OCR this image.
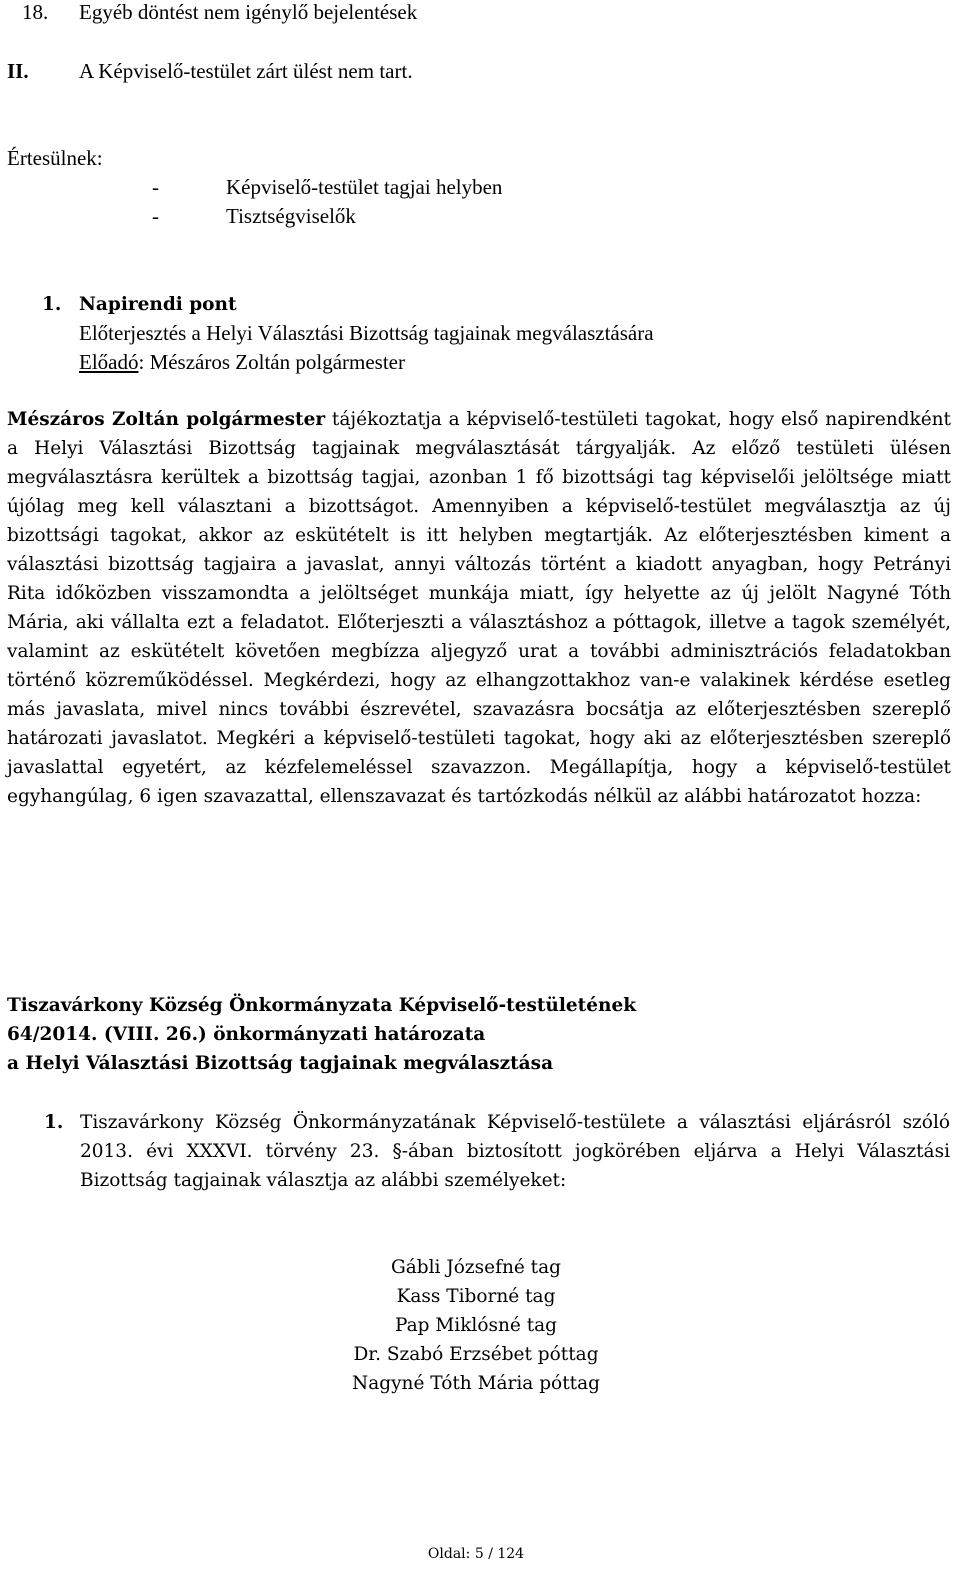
18. Egyéb döntést nem igénylő bejelentések
II. A Képviselő-testület zárt ülést nem tart.
Értesülnek:
-	Képviselő-testület tagjai helyben
-	Tisztségviselők
1. Napirendi pont
Előterjesztés a Helyi Választási Bizottság tagjainak megválasztására
Előadó: Mészáros Zoltán polgármester

Mészáros Zoltán polgármester tájékoztatja a képviselő-testületi tagokat, hogy első napirendként a Helyi Választási Bizottság tagjainak megválasztását tárgyalják. Az előző testületi ülésen megválasztásra kerültek a bizottság tagjai, azonban 1 fő bizottsági tag képviselői jelöltsége miatt újólag meg kell választani a bizottságot. Amennyiben a képviselő-testület megválasztja az új bizottsági tagokat, akkor az eskütételt is itt helyben megtartják. Az előterjesztésben kiment a választási bizottság tagjaira a javaslat, annyi változás történt a kiadott anyagban, hogy Petrányi Rita időközben visszamondta a jelöltséget munkája miatt, így helyette az új jelölt Nagyné Tóth Mária, aki vállalta ezt a feladatot. Előterjeszti a választáshoz a póttagok, illetve a tagok személyét, valamint az eskütételt követően megbízza aljegyző urat a további adminisztrációs feladatokban történő közreműködéssel. Megkérdezi, hogy az elhangzottakhoz van-e valakinek kérdése esetleg más javaslata, mivel nincs további észrevétel, szavazásra bocsátja az előterjesztésben szereplő határozati javaslatot. Megkéri a képviselő-testületi tagokat, hogy aki az előterjesztésben szereplő javaslattal egyetért, az kézfelemeléssel szavazzon. Megállapítja, hogy a képviselő-testület egyhangúlag, 6 igen szavazattal, ellenszavazat és tartózkodás nélkül az alábbi határozatot hozza:

Tiszavárkony Község Önkormányzata Képviselő-testületének
64/2014. (VIII. 26.) önkormányzati határozata
a Helyi Választási Bizottság tagjainak megválasztása
1. Tiszavárkony Község Önkormányzatának Képviselő-testülete a választási eljárásról szóló 2013. évi XXXVI. törvény 23. §-ában biztosított jogkörében eljárva a Helyi Választási Bizottság tagjainak választja az alábbi személyeket:

Gábli Józsefné tag
Kass Tiborné tag
Pap Miklósné tag
Dr. Szabó Erzsébet póttag
Nagyné Tóth Mária póttag
Oldal: 5 / 124
